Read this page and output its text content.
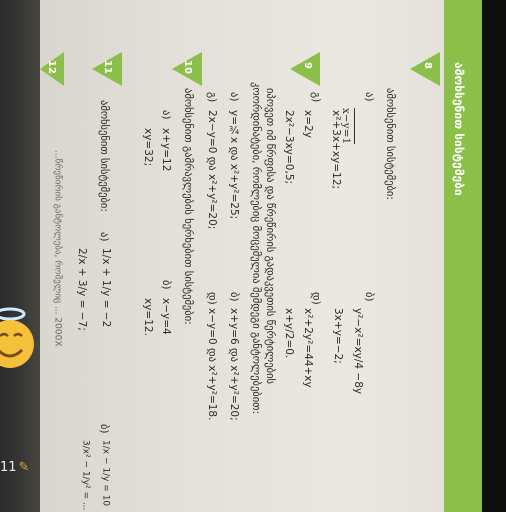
11 ✎
ამოხსენით სისტემები
8
ამოხსენით სისტემები:
ა)
x−y=1
x²+3x+xy=12;
ბ)
y²−x²=xy/4 −8y
3x+y=−2;
გ)
x=2y
2x²−3xy=0,5;
დ)
x²+2y²=44+xy
x+y/2=0.
9
იპოვეთ იმ წრფისა და წრეწირის გადაკვეთის წერტილების
კოორდინატები, რომლებიც მოცემულია შემდეგი განტოლებებით:
ა)
y=¾x და x²+y²=25;
ბ)
x+y=6 და x²+y²=20;
გ)
2x−y=0 და x²+y²=20;
დ)
x−y=0 და x²+y²=18.
10
ამოხსენით გამრავლების ხერხებით სისტემები:
ა)
x+y=12
xy=32;
ბ)
x−y=4
xy=12.
11
ამოხსენით სისტემები:
ა)
1/x + 1/y = −2
2/x + 3/y = −7;
ბ)
1/x − 1/y = 10
3/x² − 1/y² = ...
12
...წრეწირის განტოლება, რომელიც ... 2000X
